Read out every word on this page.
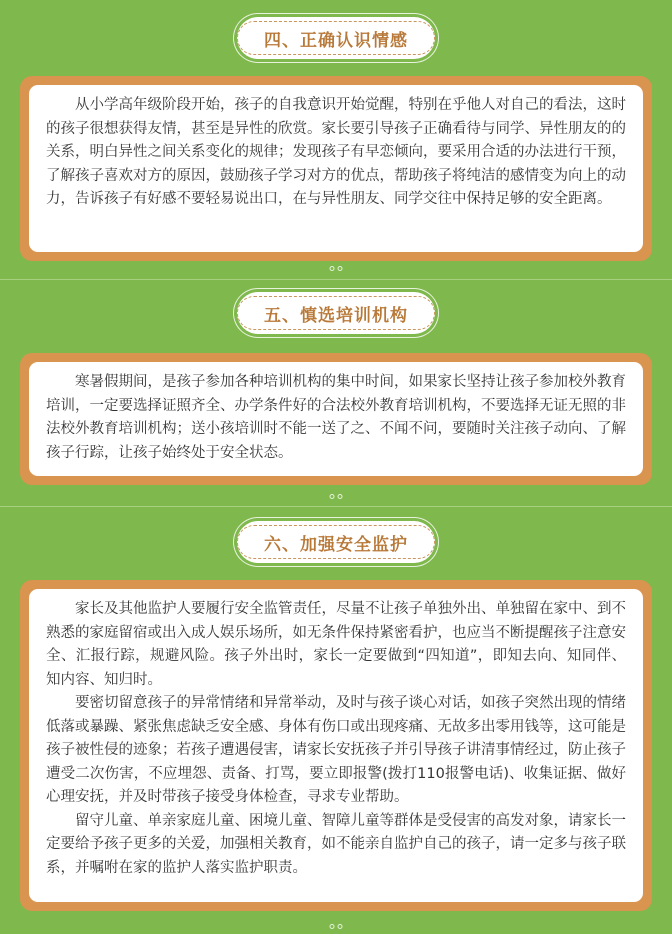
四、正确认识情感

从小学高年级阶段开始，孩子的自我意识开始觉醒，特别在乎他人对自己的看法，这时的孩子很想获得友情，甚至是异性的欣赏。家长要引导孩子正确看待与同学、异性朋友的的关系，明白异性之间关系变化的规律；发现孩子有早恋倾向，要采用合适的办法进行干预，了解孩子喜欢对方的原因，鼓励孩子学习对方的优点，帮助孩子将纯洁的感情变为向上的动力，告诉孩子有好感不要轻易说出口，在与异性朋友、同学交往中保持足够的安全距离。

五、慎选培训机构

寒暑假期间，是孩子参加各种培训机构的集中时间，如果家长坚持让孩子参加校外教育培训，一定要选择证照齐全、办学条件好的合法校外教育培训机构，不要选择无证无照的非法校外教育培训机构；送小孩培训时不能一送了之、不闻不问，要随时关注孩子动向、了解孩子行踪，让孩子始终处于安全状态。

六、加强安全监护

家长及其他监护人要履行安全监管责任，尽量不让孩子单独外出、单独留在家中、到不熟悉的家庭留宿或出入成人娱乐场所，如无条件保持紧密看护，也应当不断提醒孩子注意安全、汇报行踪，规避风险。孩子外出时，家长一定要做到“四知道”，即知去向、知同伴、知内容、知归时。

要密切留意孩子的异常情绪和异常举动，及时与孩子谈心对话，如孩子突然出现的情绪低落或暴躁、紧张焦虑缺乏安全感、身体有伤口或出现疼痛、无故多出零用钱等，这可能是孩子被性侵的迹象；若孩子遭遇侵害，请家长安抚孩子并引导孩子讲清事情经过，防止孩子遭受二次伤害，不应埋怨、责备、打骂，要立即报警(拨打110报警电话)、收集证据、做好心理安抚，并及时带孩子接受身体检查，寻求专业帮助。

留守儿童、单亲家庭儿童、困境儿童、智障儿童等群体是受侵害的高发对象，请家长一定要给予孩子更多的关爱，加强相关教育，如不能亲自监护自己的孩子，请一定多与孩子联系，并嘱咐在家的监护人落实监护职责。
